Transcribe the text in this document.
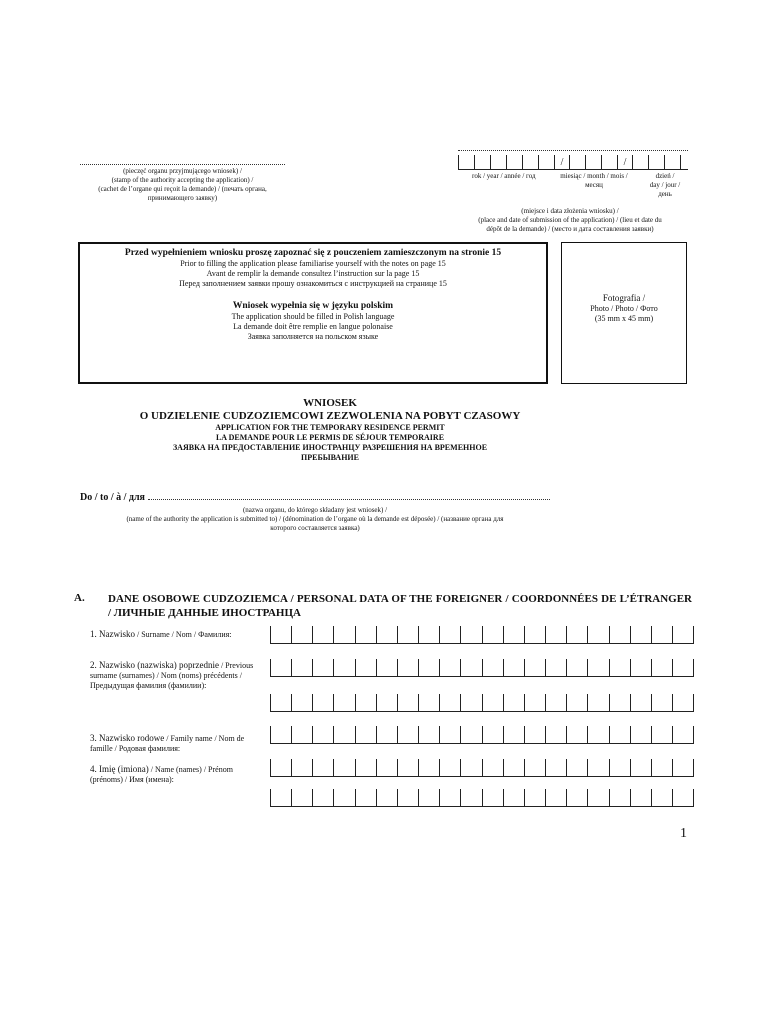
(pieczęć organu przyjmującego wniosek) /
(stamp of the authority accepting the application) /
(cachet de l’organe qui reçoit la demande) / (печать органа,
принимающего заявку)
/	/
rok / year / année / год	miesiąc / month / mois /
месяц
dzień /
day / jour /
день
(miejsce i data złożenia wniosku) /
(place and date of submission of the application) / (lieu et date du
dépôt de la demande) / (место и дата составления заявки)
Przed wypełnieniem wniosku proszę zapoznać się z pouczeniem zamieszczonym na stronie 15
Prior to filling the application please familiarise yourself with the notes on page 15
Avant de remplir la demande consultez l’instruction sur la page 15
Перед заполнением заявки прошу ознакомиться с инструкцией на странице 15
Wniosek wypełnia się w języku polskim
The application should be filled in Polish language
La demande doit être remplie en langue polonaise
Заявка заполняется на польском языке
Fotografia /
Photo / Photo / Фото
(35 mm x 45 mm)
WNIOSEK
O UDZIELENIE CUDZOZIEMCOWI ZEZWOLENIA NA POBYT CZASOWY
APPLICATION FOR THE TEMPORARY RESIDENCE PERMIT
LA DEMANDE POUR LE PERMIS DE SÉJOUR TEMPORAIRE
ЗАЯВКА НА ПРЕДОСТАВЛЕНИЕ ИНОСТРАНЦУ РАЗРЕШЕНИЯ НА ВРЕМЕННОЕ
ПРЕБЫВАНИЕ
Do / to / à / для
(nazwa organu, do którego składany jest wniosek) /
(name of the authority the application is submitted to) / (dénomination de l’organe où la demande est déposée) / (название органа для
которого составляется заявка)
A. DANE OSOBOWE CUDZOZIEMCA / PERSONAL DATA OF THE FOREIGNER / COORDONNÉES DE L’ÉTRANGER / ЛИЧНЫЕ ДАННЫЕ ИНОСТРАНЦА
1. Nazwisko / Surname / Nom / Фамилия:
2. Nazwisko (nazwiska) poprzednie / Previous surname (surnames) / Nom (noms) précédents / Предыдущая фамилия (фамилии):
3. Nazwisko rodowe / Family name / Nom de famille / Родовая фамилия:
4. Imię (imiona) / Name (names) / Prénom (prénoms) / Имя (имена):
1
